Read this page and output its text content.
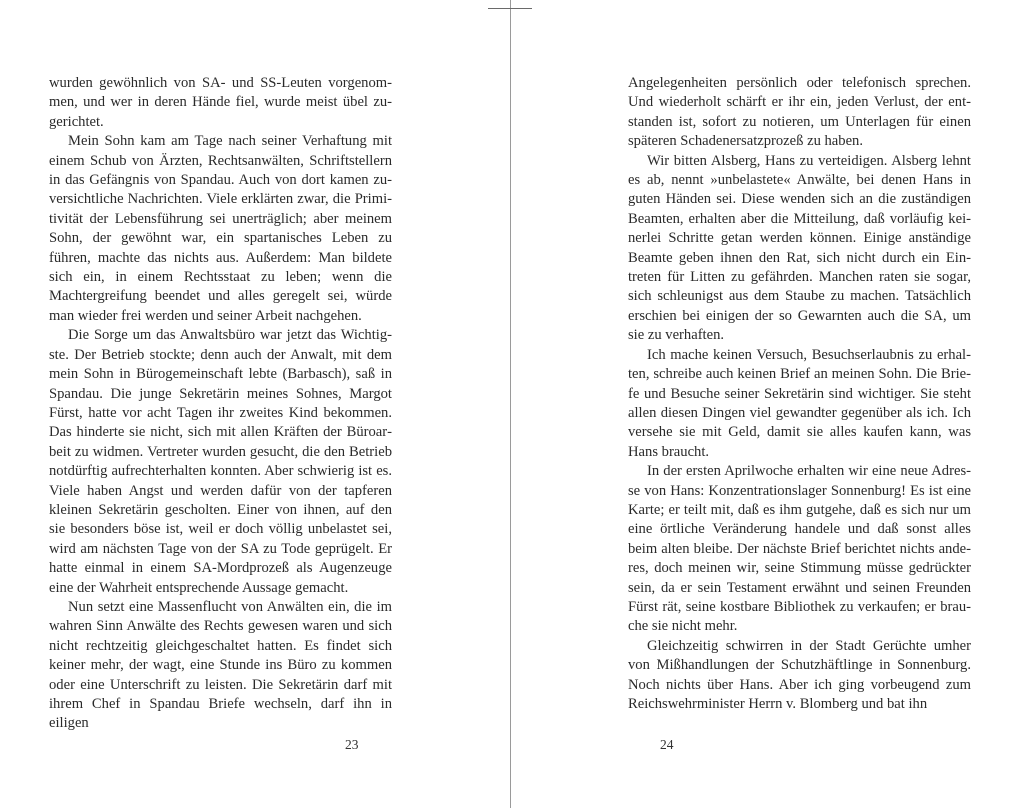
wurden gewöhnlich von SA- und SS-Leuten vorgenommen, und wer in deren Hände fiel, wurde meist übel zugerichtet.

Mein Sohn kam am Tage nach seiner Verhaftung mit einem Schub von Ärzten, Rechtsanwälten, Schriftstellern in das Gefängnis von Spandau. Auch von dort kamen zuversichtliche Nachrichten. Viele erklärten zwar, die Primitivität der Lebensführung sei unerträglich; aber meinem Sohn, der gewöhnt war, ein spartanisches Leben zu führen, machte das nichts aus. Außerdem: Man bildete sich ein, in einem Rechtsstaat zu leben; wenn die Machtergreifung beendet und alles geregelt sei, würde man wieder frei werden und seiner Arbeit nachgehen.

Die Sorge um das Anwaltsbüro war jetzt das Wichtigste. Der Betrieb stockte; denn auch der Anwalt, mit dem mein Sohn in Bürogemeinschaft lebte (Barbasch), saß in Spandau. Die junge Sekretärin meines Sohnes, Margot Fürst, hatte vor acht Tagen ihr zweites Kind bekommen. Das hinderte sie nicht, sich mit allen Kräften der Büroarbeit zu widmen. Vertreter wurden gesucht, die den Betrieb notdürftig aufrechterhalten konnten. Aber schwierig ist es. Viele haben Angst und werden dafür von der tapferen kleinen Sekretärin gescholten. Einer von ihnen, auf den sie besonders böse ist, weil er doch völlig unbelastet sei, wird am nächsten Tage von der SA zu Tode geprügelt. Er hatte einmal in einem SA-Mordprozeß als Augenzeuge eine der Wahrheit entsprechende Aussage gemacht.

Nun setzt eine Massenflucht von Anwälten ein, die im wahren Sinn Anwälte des Rechts gewesen waren und sich nicht rechtzeitig gleichgeschaltet hatten. Es findet sich keiner mehr, der wagt, eine Stunde ins Büro zu kommen oder eine Unterschrift zu leisten. Die Sekretärin darf mit ihrem Chef in Spandau Briefe wechseln, darf ihn in eiligen

Angelegenheiten persönlich oder telefonisch sprechen. Und wiederholt schärft er ihr ein, jeden Verlust, der entstanden ist, sofort zu notieren, um Unterlagen für einen späteren Schadenersatzprozeß zu haben.

Wir bitten Alsberg, Hans zu verteidigen. Alsberg lehnt es ab, nennt »unbelastete« Anwälte, bei denen Hans in guten Händen sei. Diese wenden sich an die zuständigen Beamten, erhalten aber die Mitteilung, daß vorläufig keinerlei Schritte getan werden können. Einige anständige Beamte geben ihnen den Rat, sich nicht durch ein Eintreten für Litten zu gefährden. Manchen raten sie sogar, sich schleunigst aus dem Staube zu machen. Tatsächlich erschien bei einigen der so Gewarnten auch die SA, um sie zu verhaften.

Ich mache keinen Versuch, Besuchserlaubnis zu erhalten, schreibe auch keinen Brief an meinen Sohn. Die Briefe und Besuche seiner Sekretärin sind wichtiger. Sie steht allen diesen Dingen viel gewandter gegenüber als ich. Ich versehe sie mit Geld, damit sie alles kaufen kann, was Hans braucht.

In der ersten Aprilwoche erhalten wir eine neue Adresse von Hans: Konzentrationslager Sonnenburg! Es ist eine Karte; er teilt mit, daß es ihm gutgehe, daß es sich nur um eine örtliche Veränderung handele und daß sonst alles beim alten bleibe. Der nächste Brief berichtet nichts anderes, doch meinen wir, seine Stimmung müsse gedrückter sein, da er sein Testament erwähnt und seinen Freunden Fürst rät, seine kostbare Bibliothek zu verkaufen; er brauche sie nicht mehr.

Gleichzeitig schwirren in der Stadt Gerüchte umher von Mißhandlungen der Schutzhäftlinge in Sonnenburg. Noch nichts über Hans. Aber ich ging vorbeugend zum Reichswehrminister Herrn v. Blomberg und bat ihn

23	24
